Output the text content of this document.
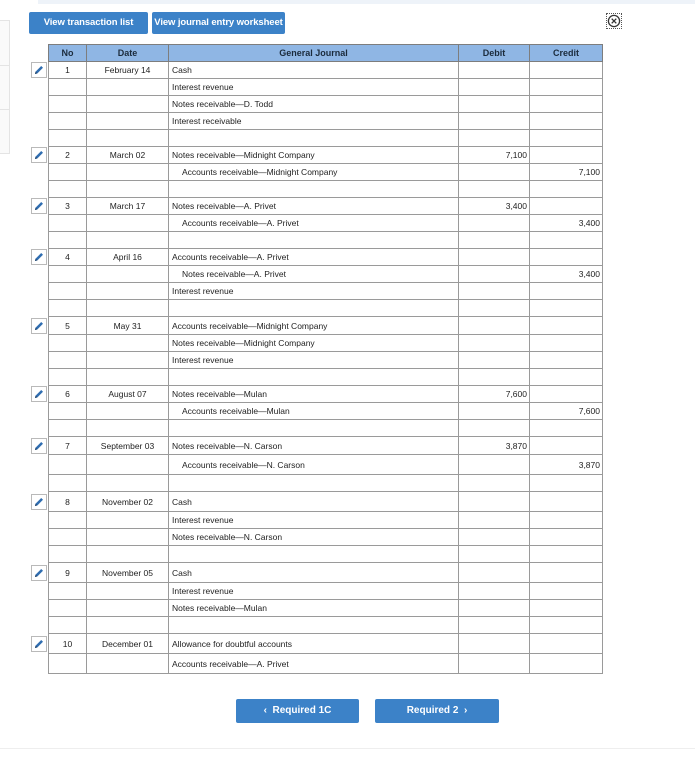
View transaction list	View journal entry worksheet
No	Date	General Journal	Debit	Credit
1	February 14	Cash		
		Interest revenue		
		Notes receivable—D. Todd		
		Interest receivable		

2	March 02	Notes receivable—Midnight Company	7,100	
		Accounts receivable—Midnight Company		7,100

3	March 17	Notes receivable—A. Privet	3,400	
		Accounts receivable—A. Privet		3,400

4	April 16	Accounts receivable—A. Privet		
		Notes receivable—A. Privet		3,400
		Interest revenue		

5	May 31	Accounts receivable—Midnight Company		
		Notes receivable—Midnight Company		
		Interest revenue		

6	August 07	Notes receivable—Mulan	7,600	
		Accounts receivable—Mulan		7,600

7	September 03	Notes receivable—N. Carson	3,870	
		Accounts receivable—N. Carson		3,870

8	November 02	Cash		
		Interest revenue		
		Notes receivable—N. Carson		

9	November 05	Cash		
		Interest revenue		
		Notes receivable—Mulan		

10	December 01	Allowance for doubtful accounts		
		Accounts receivable—A. Privet		
‹ Required 1C	Required 2 ›
